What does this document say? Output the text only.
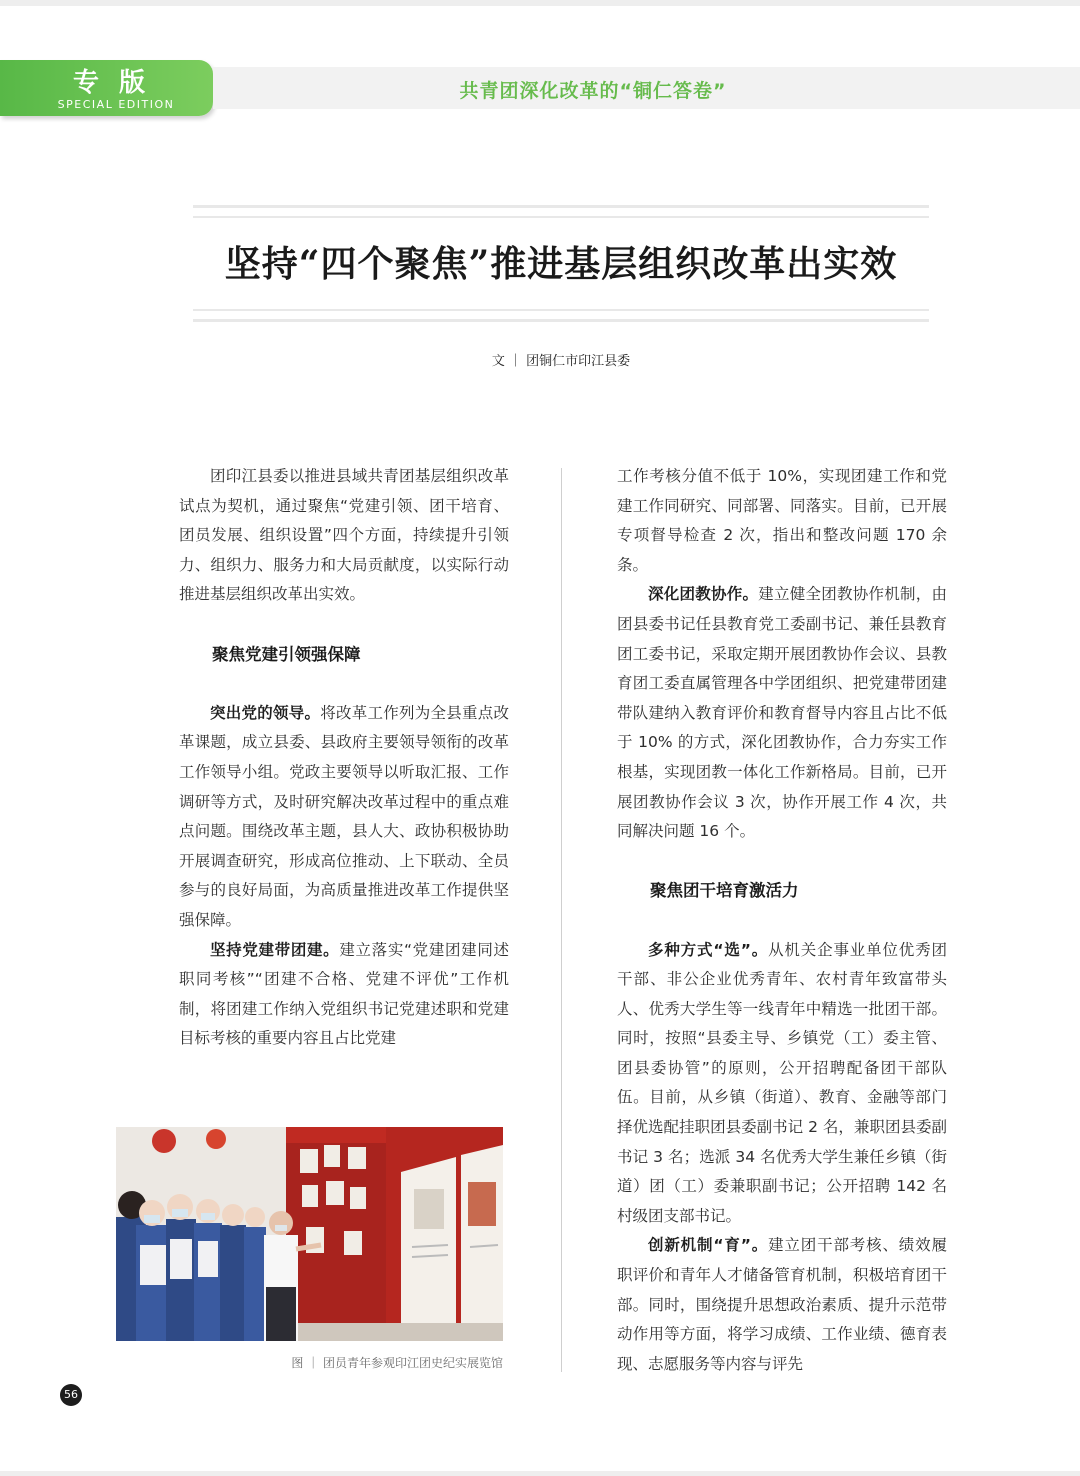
专版
SPECIAL EDITION
共青团深化改革的“铜仁答卷”
坚持“四个聚焦”推进基层组织改革出实效
文 ｜ 团铜仁市印江县委

团印江县委以推进县域共青团基层组织改革试点为契机，通过聚焦“党建引领、团干培育、团员发展、组织设置”四个方面，持续提升引领力、组织力、服务力和大局贡献度，以实际行动推进基层组织改革出实效。

聚焦党建引领强保障

突出党的领导。将改革工作列为全县重点改革课题，成立县委、县政府主要领导领衔的改革工作领导小组。党政主要领导以听取汇报、工作调研等方式，及时研究解决改革过程中的重点难点问题。围绕改革主题，县人大、政协积极协助开展调查研究，形成高位推动、上下联动、全员参与的良好局面，为高质量推进改革工作提供坚强保障。

坚持党建带团建。建立落实“党建团建同述职同考核”“团建不合格、党建不评优”工作机制，将团建工作纳入党组织书记党建述职和党建目标考核的重要内容且占比党建

工作考核分值不低于 10%，实现团建工作和党建工作同研究、同部署、同落实。目前，已开展专项督导检查 2 次，指出和整改问题 170 余条。

深化团教协作。建立健全团教协作机制，由团县委书记任县教育党工委副书记、兼任县教育团工委书记，采取定期开展团教协作会议、县教育团工委直属管理各中学团组织、把党建带团建带队建纳入教育评价和教育督导内容且占比不低于 10% 的方式，深化团教协作，合力夯实工作根基，实现团教一体化工作新格局。目前，已开展团教协作会议 3 次，协作开展工作 4 次，共同解决问题 16 个。

聚焦团干培育激活力

多种方式“选”。从机关企事业单位优秀团干部、非公企业优秀青年、农村青年致富带头人、优秀大学生等一线青年中精选一批团干部。同时，按照“县委主导、乡镇党（工）委主管、团县委协管”的原则，公开招聘配备团干部队伍。目前，从乡镇（街道）、教育、金融等部门择优选配挂职团县委副书记 2 名，兼职团县委副书记 3 名；选派 34 名优秀大学生兼任乡镇（街道）团（工）委兼职副书记；公开招聘 142 名村级团支部书记。

创新机制“育”。建立团干部考核、绩效履职评价和青年人才储备管育机制，积极培育团干部。同时，围绕提升思想政治素质、提升示范带动作用等方面，将学习成绩、工作业绩、德育表现、志愿服务等内容与评先

图 ｜ 团员青年参观印江团史纪实展览馆
56
